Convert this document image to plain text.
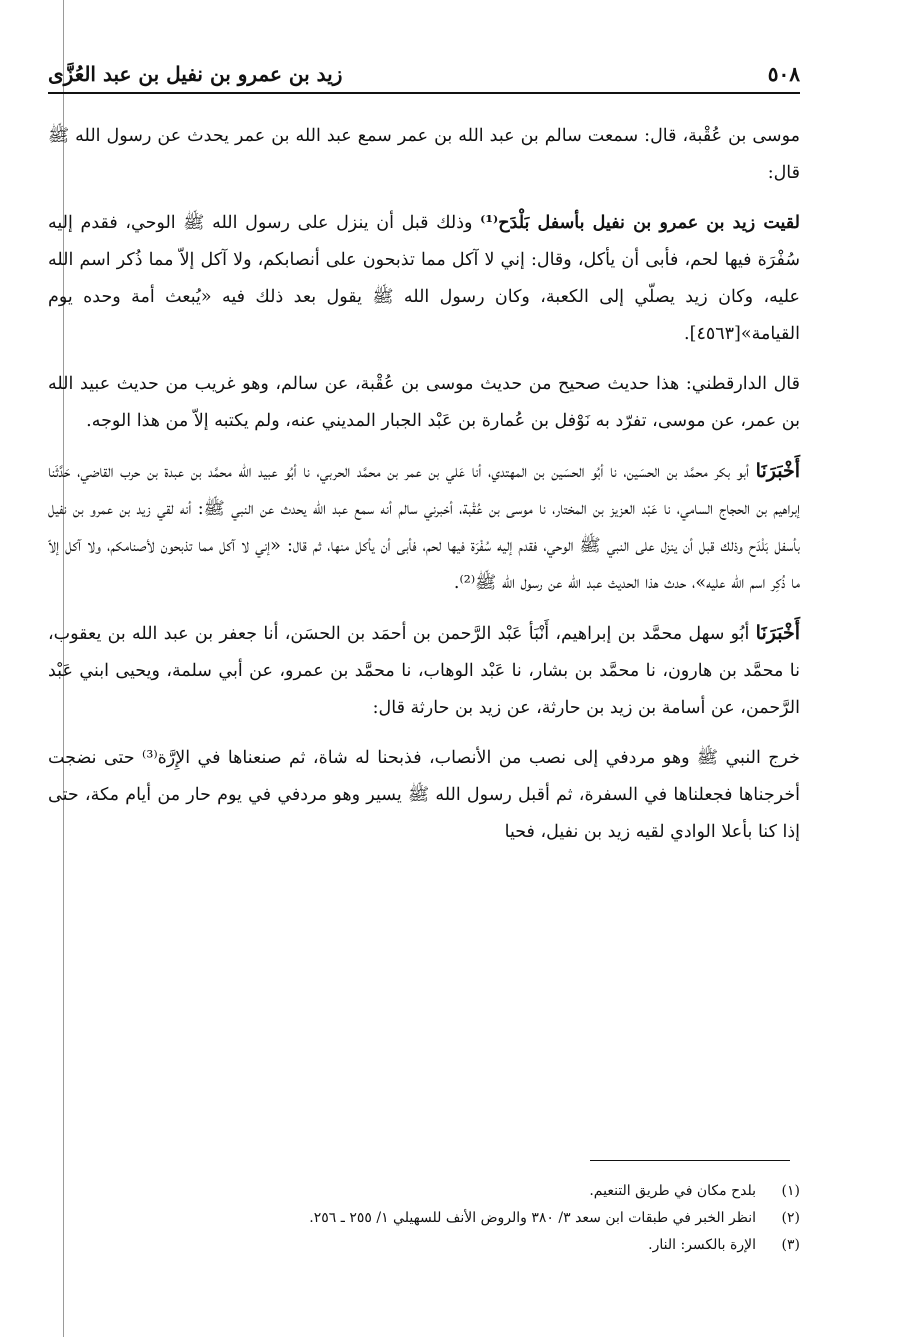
٥٠٨
زيد بن عمرو بن نفيل بن عبد العُزَّى

موسى بن عُقْبة، قال: سمعت سالم بن عبد الله بن عمر سمع عبد الله بن عمر يحدث عن رسول الله ﷺ قال:

لقيت زيد بن عمرو بن نفيل بأسفل بَلْدَح⁽¹⁾ وذلك قبل أن ينزل على رسول الله ﷺ الوحي، فقدم إليه سُفْرَة فيها لحم، فأبى أن يأكل، وقال: إني لا آكل مما تذبحون على أنصابكم، ولا آكل إلاّ مما ذُكر اسم الله عليه، وكان زيد يصلّي إلى الكعبة، وكان رسول الله ﷺ يقول بعد ذلك فيه «يُبعث أمة وحده يوم القيامة»[٤٥٦٣].

قال الدارقطني: هذا حديث صحيح من حديث موسى بن عُقْبة، عن سالم، وهو غريب من حديث عبيد الله بن عمر، عن موسى، تفرّد به نَوْفل بن عُمارة بن عَبْد الجبار المديني عنه، ولم يكتبه إلاّ من هذا الوجه.

أَخْبَرَنَا أبو بكر محمَّد بن الحسَين، نا أبُو الحسَين بن المهتدي، أنا عَلي بن عمر بن محمَّد الحربي، نا أبُو عبيد الله محمَّد بن عبدة بن حرب القاضي، حَدَّثَنا إبراهيم بن الحجاج السامي، نا عَبْد العزيز بن المختار، نا موسى بن عُقْبة، أخبرني سالم أنه سمع عبد الله يحدث عن النبي ﷺ: أنه لقي زيد بن عمرو بن نفيل بأسفل بَلْدَح وذلك قبل أن ينزل على النبي ﷺ الوحي، فقدم إليه سُفْرَة فيها لحم، فأبى أن يأكل منها، ثم قال: «إني لا آكل مما تذبحون لأصنامكم، ولا آكل إلاّ ما ذُكِر اسم الله عليه»، حدث هذا الحديث عبد الله عن رسول الله ﷺ⁽²⁾.

أَخْبَرَنَا أبُو سهل محمَّد بن إبراهيم، أَنْبَأ عَبْد الرَّحمن بن أحمَد بن الحسَن، أنا جعفر بن عبد الله بن يعقوب، نا محمَّد بن هارون، نا محمَّد بن بشار، نا عَبْد الوهاب، نا محمَّد بن عمرو، عن أبي سلمة، ويحيى ابني عَبْد الرَّحمن، عن أسامة بن زيد بن حارثة، عن زيد بن حارثة قال:

خرج النبي ﷺ وهو مردفي إلى نصب من الأنصاب، فذبحنا له شاة، ثم صنعناها في الإِرَّة⁽³⁾ حتى نضجت أخرجناها فجعلناها في السفرة، ثم أقبل رسول الله ﷺ يسير وهو مردفي في يوم حار من أيام مكة، حتى إذا كنا بأعلا الوادي لقيه زيد بن نفيل، فحيا

(١)
بلدح مكان في طريق التنعيم.
(٢)
انظر الخبر في طبقات ابن سعد ٣/ ٣٨٠ والروض الأنف للسهيلي ١/ ٢٥٥ ـ ٢٥٦.
(٣)
الإرة بالكسر: النار.
